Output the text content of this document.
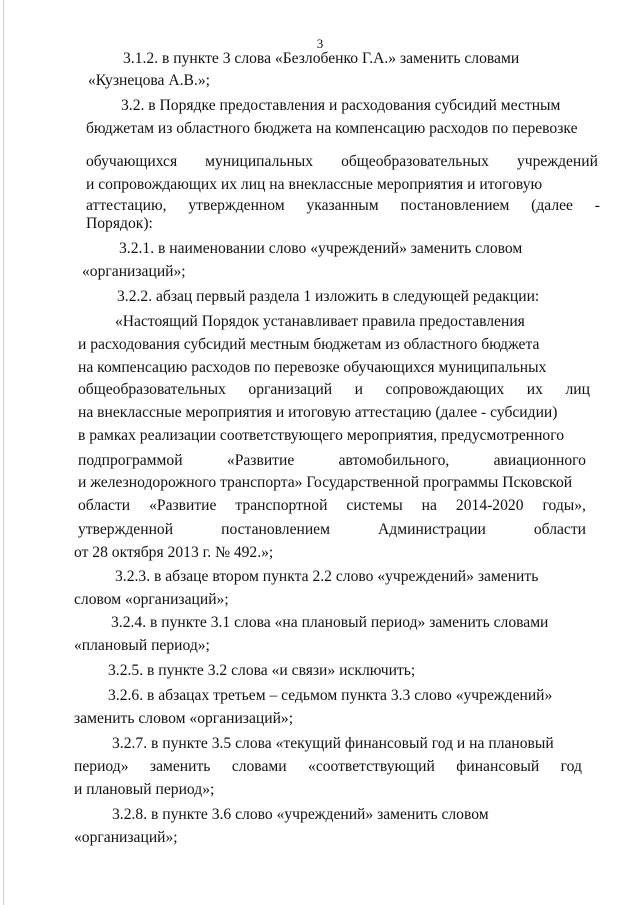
3
3.1.2. в пункте 3 слова «Безлобенко Г.А.» заменить словами
«Кузнецова А.В.»;
3.2. в Порядке предоставления и расходования субсидий местным
бюджетам из областного бюджета на компенсацию расходов по перевозке
обучающихся муниципальных общеобразовательных учреждений
и сопровождающих их лиц на внеклассные мероприятия и итоговую
аттестацию, утвержденном указанным постановлением (далее -
Порядок):
3.2.1. в наименовании слово «учреждений» заменить словом
«организаций»;
3.2.2. абзац первый раздела 1 изложить в следующей редакции:
«Настоящий Порядок устанавливает правила предоставления
и расходования субсидий местным бюджетам из областного бюджета
на компенсацию расходов по перевозке обучающихся муниципальных
общеобразовательных организаций и сопровождающих их лиц
на внеклассные мероприятия и итоговую аттестацию (далее - субсидии)
в рамках реализации соответствующего мероприятия, предусмотренного
подпрограммой	«Развитие	автомобильного,	авиационного
и железнодорожного транспорта» Государственной программы Псковской
области «Развитие транспортной системы на 2014-2020 годы»,
утвержденной	постановлением	Администрации	области
от 28 октября 2013 г. № 492.»;
3.2.3. в абзаце втором пункта 2.2 слово «учреждений» заменить
словом «организаций»;
3.2.4. в пункте 3.1 слова «на плановый период» заменить словами
«плановый период»;
3.2.5. в пункте 3.2 слова «и связи» исключить;
3.2.6. в абзацах третьем – седьмом пункта 3.3 слово «учреждений»
заменить словом «организаций»;
3.2.7. в пункте 3.5 слова «текущий финансовый год и на плановый
период» заменить словами «соответствующий финансовый год
и плановый период»;
3.2.8. в пункте 3.6 слово «учреждений» заменить словом
«организаций»;
